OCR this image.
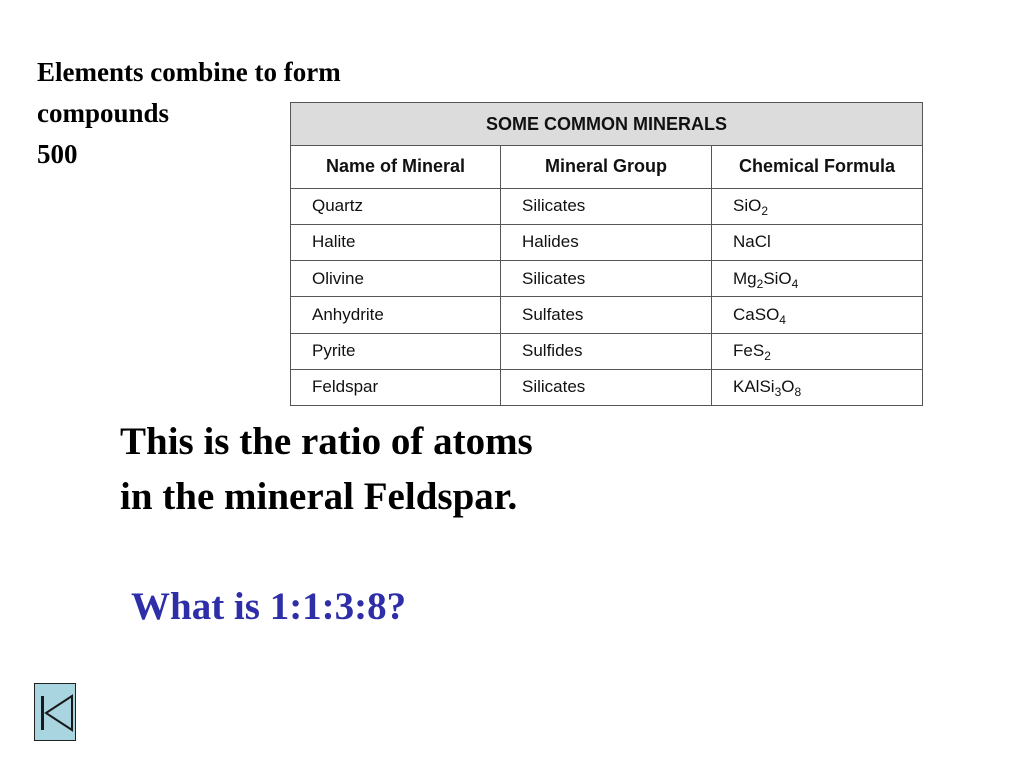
Elements combine to form
compounds
500
SOME COMMON MINERALS		
Name of Mineral	Mineral Group	Chemical Formula
Quartz	Silicates	SiO$_2$
Halite	Halides	NaCl
Olivine	Silicates	$Mg_2SiO_4$
Anhydrite	Sulfates	CaSO$_4$
Pyrite	Sulfides	FeS$_2$
Feldspar	Silicates	$KAlSi_3O_8$
This is the ratio of atoms
in the mineral Feldspar.
What is 1:1:3:8?
